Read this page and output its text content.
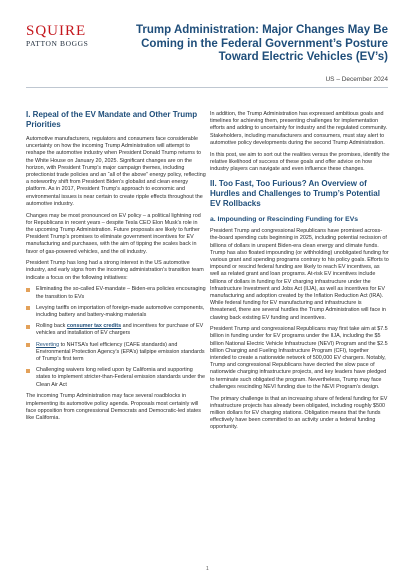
SQUIRE
PATTON BOGGS
Trump Administration: Major Changes May Be Coming in the Federal Government’s Posture Toward Electric Vehicles (EV’s)
US – December 2024
I. Repeal of the EV Mandate and Other Trump Priorities

Automotive manufacturers, regulators and consumers face considerable uncertainty on how the incoming Trump Administration will attempt to reshape the automotive industry when President Donald Trump returns to the White House on January 20, 2025. Significant changes are on the horizon, with President Trump’s major campaign themes, including protectionist trade policies and an “all of the above” energy policy, reflecting a noteworthy shift from President Biden’s globalist and clean energy platform. As in 2017, President Trump’s approach to economic and environmental issues is near certain to create ripple effects throughout the automotive industry.

Changes may be most pronounced on EV policy – a political lightning rod for Republicans in recent years – despite Tesla CEO Elon Musk’s role in the upcoming Trump Administration. Future proposals are likely to further President Trump’s promises to eliminate government incentives for EV manufacturing and purchases, with the aim of tipping the scales back in favor of gas-powered vehicles, and the oil industry.

President Trump has long had a strong interest in the US automotive industry, and early signs from the incoming administration’s transition team indicate a focus on the following initiatives:

Eliminating the so-called EV-mandate – Biden-era policies encouraging the transition to EVs
Levying tariffs on importation of foreign-made automotive components, including battery and battery-making materials
Rolling back consumer tax credits and incentives for purchase of EV vehicles and installation of EV chargers
Reverting to NHTSA’s fuel efficiency (CAFE standards) and Environmental Protection Agency’s (EPA’s) tailpipe emission standards of Trump’s first term
Challenging waivers long relied upon by California and supporting states to implement stricter-than-Federal emission standards under the Clean Air Act

The incoming Trump Administration may face several roadblocks in implementing its automotive policy agenda. Proposals most certainly will face opposition from congressional Democrats and Democratic-led states like California.

In addition, the Trump Administration has expressed ambitious goals and timelines for achieving them, presenting challenges for implementation efforts and adding to uncertainty for industry and the regulated community. Stakeholders, including manufacturers and consumers, must stay alert to automotive policy developments during the second Trump Administration.

In this post, we aim to sort out the realities versus the promises, identify the relative likelihood of success of these goals and offer advice on how industry players can navigate and even influence these changes.

II. Too Fast, Too Furious? An Overview of Hurdles and Challenges to Trump’s Potential EV Rollbacks
a. Impounding or Rescinding Funding for EVs

President Trump and congressional Republicans have promised across-the-board spending cuts beginning in 2025, including potential recission of billions of dollars in unspent Biden-era clean energy and climate funds. Trump has also floated impounding (or withholding) unobligated funding for various grant and spending programs contrary to his policy goals. Efforts to impound or rescind federal funding are likely to reach EV incentives, as well as related grant and loan programs. At-risk EV incentives include billions of dollars in funding for EV charging infrastructure under the Infrastructure Investment and Jobs Act (IIJA), as well as incentives for EV manufacturing and adoption created by the Inflation Reduction Act (IRA). While federal funding for EV manufacturing and infrastructure is threatened, there are several hurdles the Trump Administration will face in clawing back existing EV funding and incentives.

President Trump and congressional Republicans may first take aim at $7.5 billion in funding under for EV programs under the IIJA, including the $5 billion National Electric Vehicle Infrastructure (NEVI) Program and the $2.5 billion Charging and Fueling Infrastructure Program (CFI), together intended to create a nationwide network of 500,000 EV chargers. Notably, Trump and congressional Republicans have decried the slow pace of nationwide charging infrastructure projects, and key leaders have pledged to terminate such obligated the program. Nevertheless, Trump may face challenges rescinding NEVI funding due to the NEVI Program’s design.

The primary challenge is that an increasing share of federal funding for EV infrastructure projects has already been obligated, including roughly $500 million dollars for EV charging stations. Obligation means that the funds effectively have been committed to an activity under a federal funding opportunity.

1
